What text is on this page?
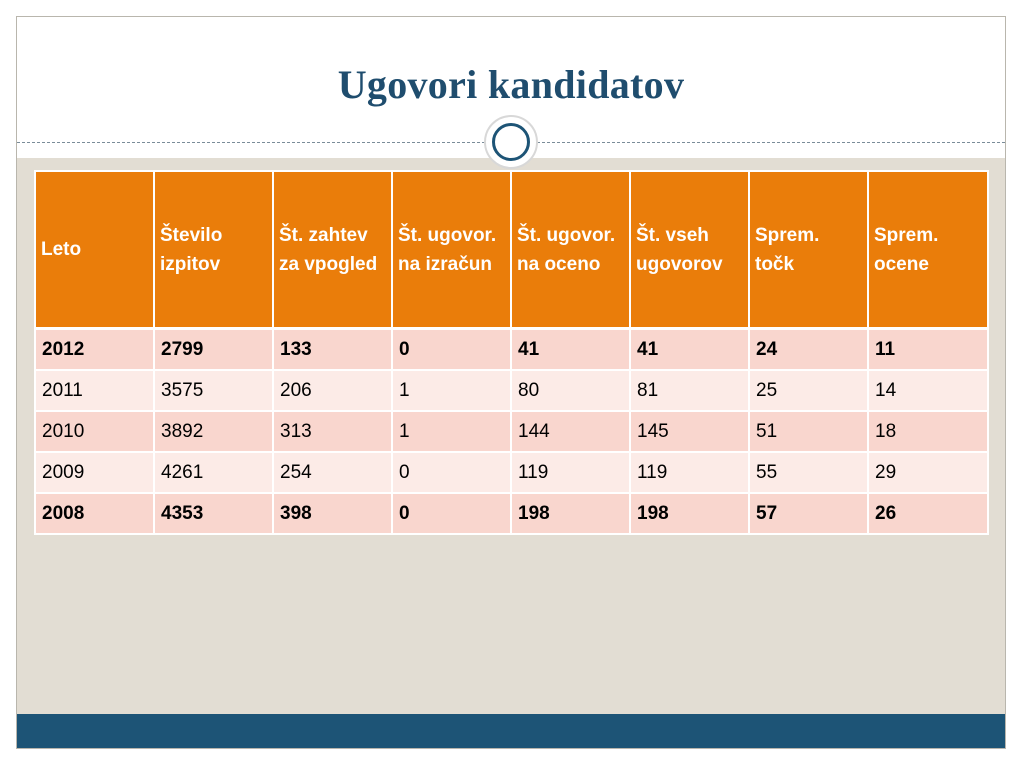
Ugovori kandidatov
Leto	Število izpitov	Št. zahtev za vpogled	Št. ugovor. na izračun	Št. ugovor. na oceno	Št. vseh ugovorov	Sprem. točk	Sprem. ocene
2012	2799	133	0	41	41	24	11
2011	3575	206	1	80	81	25	14
2010	3892	313	1	144	145	51	18
2009	4261	254	0	119	119	55	29
2008	4353	398	0	198	198	57	26
